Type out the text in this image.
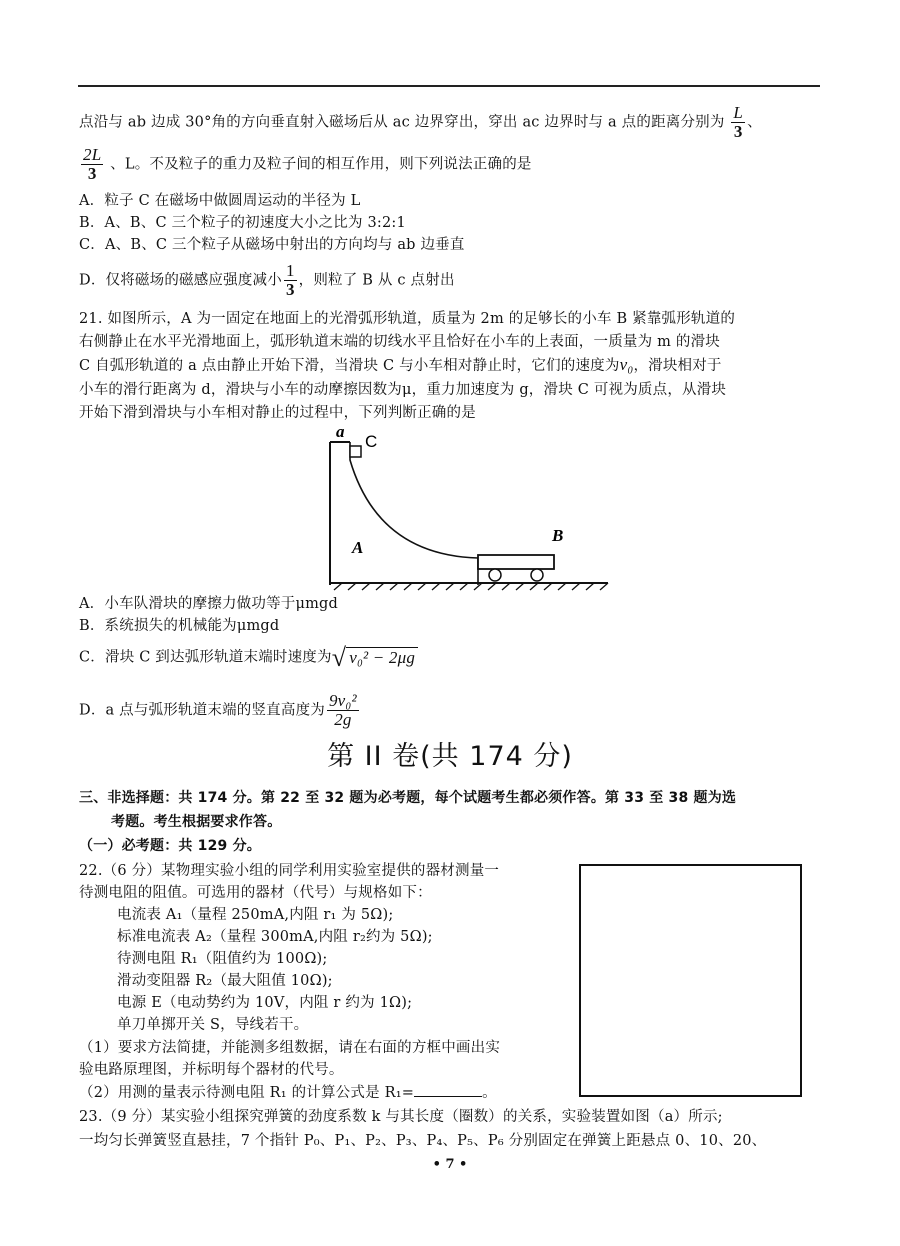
点沿与 ab 边成 30°角的方向垂直射入磁场后从 ac 边界穿出，穿出 ac 边界时与 a 点的距离分别为 $\frac{L}{3}$ 、
$\frac{2L}{3}$ 、L。不及粒子的重力及粒子间的相互作用，则下列说法正确的是
A．粒子 C 在磁场中做圆周运动的半径为 L
B．A、B、C 三个粒子的初速度大小之比为 3:2:1
C．A、B、C 三个粒子从磁场中射出的方向均与 ab 边垂直
D．仅将磁场的磁感应强度减小 $\frac{1}{3}$ ，则粒了 B 从 c 点射出
21. 如图所示，A 为一固定在地面上的光滑弧形轨道，质量为 2m 的足够长的小车 B 紧靠弧形轨道的
右侧静止在水平光滑地面上，弧形轨道末端的切线水平且恰好在小车的上表面，一质量为 m 的滑块
C 自弧形轨道的 a 点由静止开始下滑，当滑块 C 与小车相对静止时，它们的速度为v₀，滑块相对于
小车的滑行距离为 d，滑块与小车的动摩擦因数为μ，重力加速度为 g，滑块 C 可视为质点，从滑块
开始下滑到滑块与小车相对静止的过程中，下列判断正确的是
a
C
A
B
A．小车队滑块的摩擦力做功等于μmgd
B．系统损失的机械能为μmgd
C．滑块 C 到达弧形轨道末端时速度为√ v₀² − 2μg
D．a 点与弧形轨道末端的竖直高度为 $\frac{\text{9v₀²}}{2g}$
第 II 卷(共 174 分)
三、非选择题：共 174 分。第 22 至 32 题为必考题，每个试题考生都必须作答。第 33 至 38 题为选
考题。考生根据要求作答。
（一）必考题：共 129 分。
22.（6 分）某物理实验小组的同学利用实验室提供的器材测量一
待测电阻的阻值。可选用的器材（代号）与规格如下：
电流表 A₁（量程 250mA,内阻 r₁ 为 5Ω);
标准电流表 A₂（量程 300mA,内阻 r₂约为 5Ω);
待测电阻 R₁（阻值约为 100Ω);
滑动变阻器 R₂（最大阻值 10Ω);
电源 E（电动势约为 10V，内阻 r 约为 1Ω);
单刀单掷开关 S，导线若干。
（1）要求方法简捷，并能测多组数据，请在右面的方框中画出实
验电路原理图，并标明每个器材的代号。
（2）用测的量表示待测电阻 R₁ 的计算公式是 R₁=	。
23.（9 分）某实验小组探究弹簧的劲度系数 k 与其长度（圈数）的关系，实验装置如图（a）所示;
一均匀长弹簧竖直悬挂，7 个指针 P₀、P₁、P₂、P₃、P₄、P₅、P₆ 分别固定在弹簧上距悬点 0、10、20、
• 7 •
